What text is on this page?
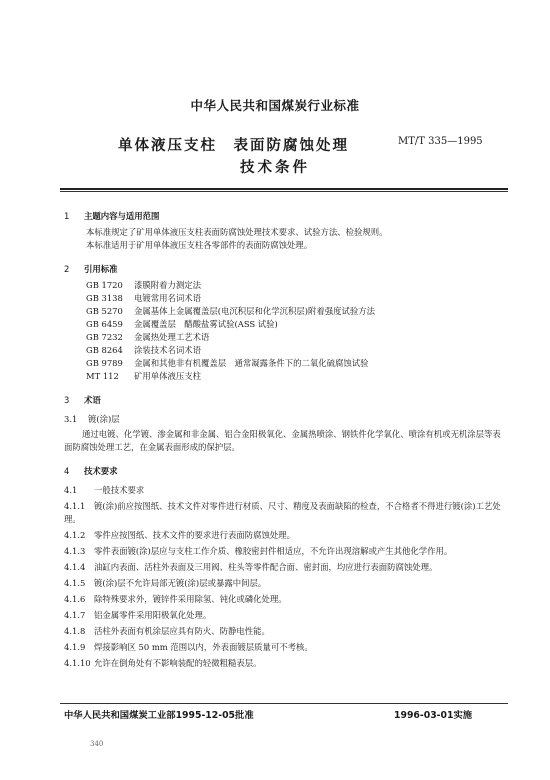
中华人民共和国煤炭行业标准
单体液压支柱　表面防腐蚀处理	MT/T 335—1995
技术条件
1 主题内容与适用范围
本标准规定了矿用单体液压支柱表面防腐蚀处理技术要求、试验方法、检验规则。
本标准适用于矿用单体液压支柱各零部件的表面防腐蚀处理。
2 引用标准
GB 1720 漆膜附着力测定法
GB 3138 电镀常用名词术语
GB 5270 金属基体上金属覆盖层(电沉积层和化学沉积层)附着强度试验方法
GB 6459 金属覆盖层　醋酸盐雾试验(ASS 试验)
GB 7232 金属热处理工艺术语
GB 8264 涂装技术名词术语
GB 9789 金属和其他非有机覆盖层　通常凝露条件下的二氧化硫腐蚀试验
MT 112 矿用单体液压支柱
3 术语
3.1 镀(涂)层
通过电镀、化学镀、渗金属和非金属、铝合金阳极氧化、金属热喷涂、钢铁件化学氧化、喷涂有机或无机涂层等表面防腐蚀处理工艺，在金属表面形成的保护层。
4 技术要求
4.1 一般技术要求
4.1.1 镀(涂)前应按图纸、技术文件对零件进行材质、尺寸、精度及表面缺陷的检查，不合格者不得进行镀(涂)工艺处理。
4.1.2 零件应按图纸、技术文件的要求进行表面防腐蚀处理。
4.1.3 零件表面镀(涂)层应与支柱工作介质、橡胶密封件相适应，不允许出现溶解或产生其他化学作用。
4.1.4 油缸内表面、活柱外表面及三用阀、柱头等零件配合面、密封面，均应进行表面防腐蚀处理。
4.1.5 镀(涂)层不允许局部无镀(涂)层或暴露中间层。
4.1.6 除特殊要求外，镀锌件采用除氢、钝化或磷化处理。
4.1.7 铝金属零件采用阳极氧化处理。
4.1.8 活柱外表面有机涂层应具有防火、防静电性能。
4.1.9 焊接影响区 50 mm 范围以内，外表面镀层质量可不考核。
4.1.10 允许在倒角处有不影响装配的轻微粗糙表层。
中华人民共和国煤炭工业部1995-12-05批准	1996-03-01实施
340
